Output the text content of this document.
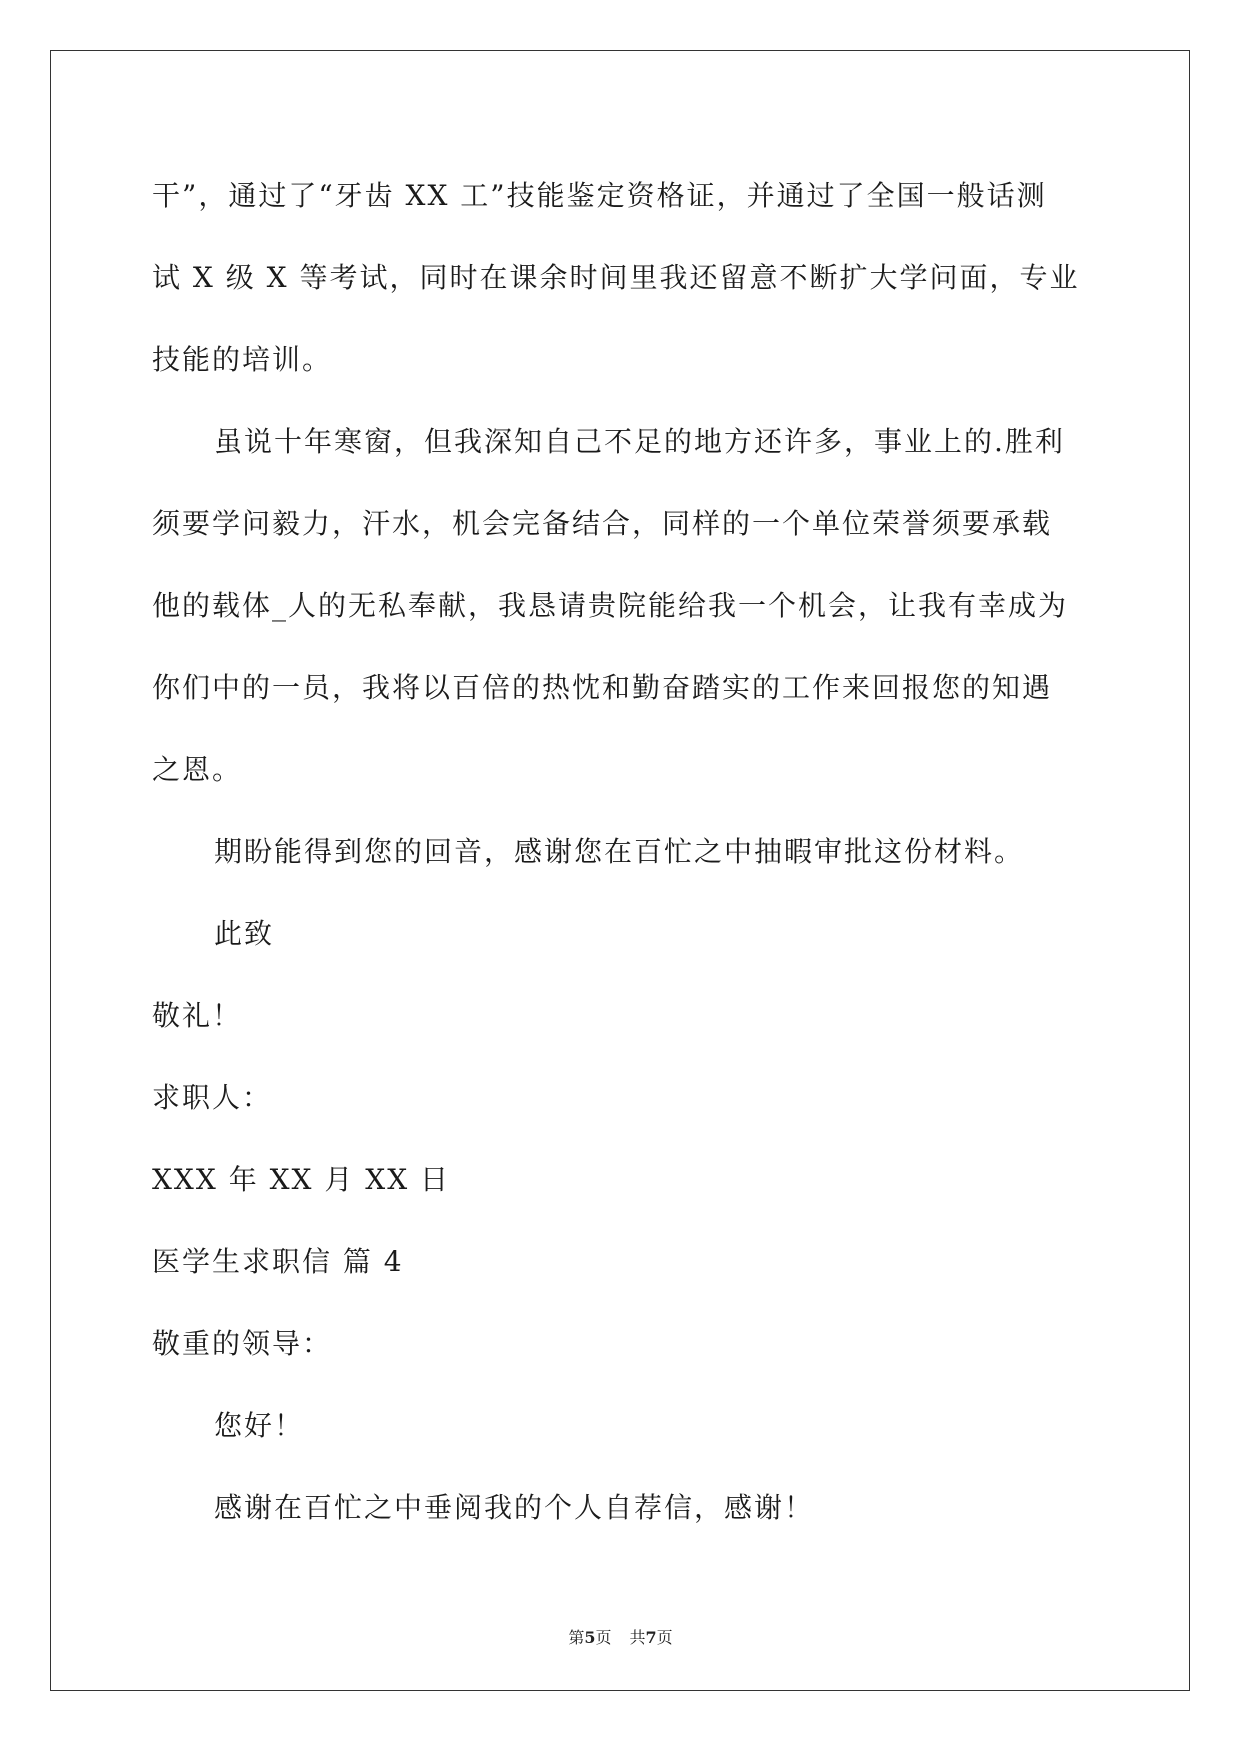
干”，通过了“牙齿 XX 工”技能鉴定资格证，并通过了全国一般话测
试 X 级 X 等考试，同时在课余时间里我还留意不断扩大学问面，专业
技能的培训。
虽说十年寒窗，但我深知自己不足的地方还许多，事业上的.胜利
须要学问毅力，汗水，机会完备结合，同样的一个单位荣誉须要承载
他的载体_人的无私奉献，我恳请贵院能给我一个机会，让我有幸成为
你们中的一员，我将以百倍的热忱和勤奋踏实的工作来回报您的知遇
之恩。
期盼能得到您的回音，感谢您在百忙之中抽暇审批这份材料。
此致
敬礼！
求职人：
XXX 年 XX 月 XX 日
医学生求职信 篇 4
敬重的领导：
您好！
感谢在百忙之中垂阅我的个人自荐信，感谢！
第5页 共7页
